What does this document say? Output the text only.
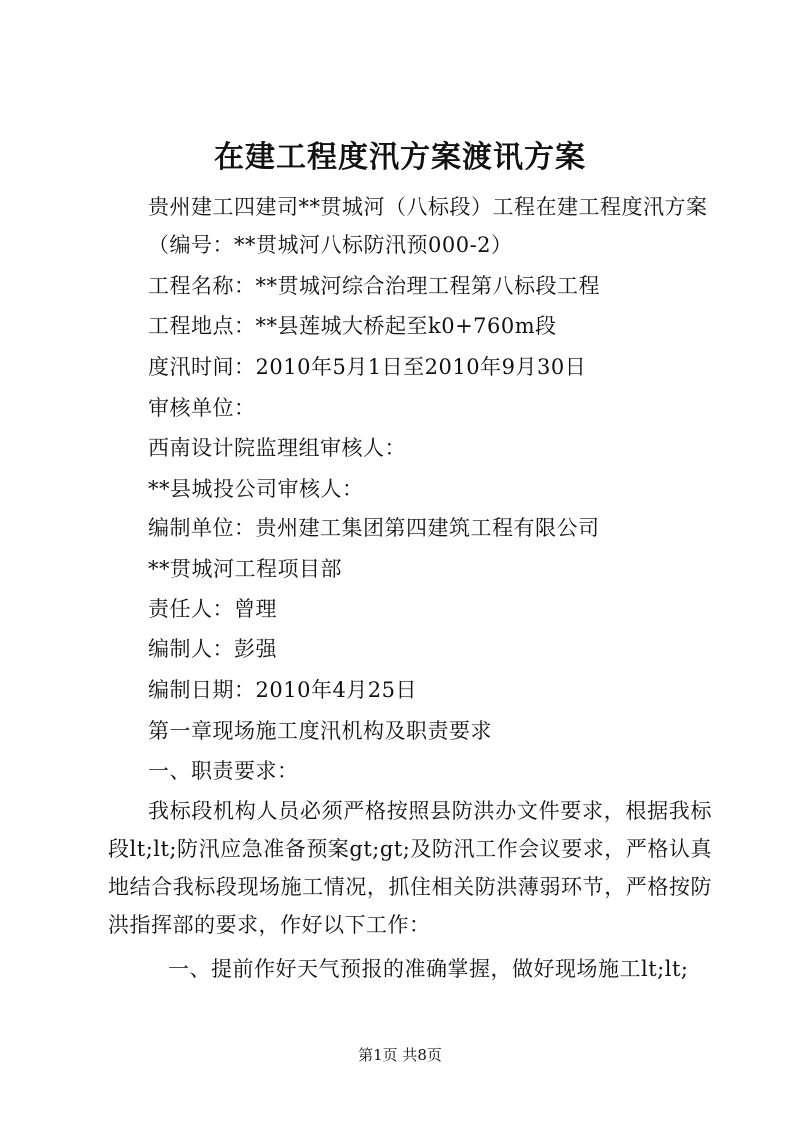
在建工程度汛方案渡讯方案
贵州建工四建司**贯城河（八标段）工程在建工程度汛方案
（编号：**贯城河八标防汛预000-2）
工程名称：**贯城河综合治理工程第八标段工程
工程地点：**县莲城大桥起至k0+760m段
度汛时间：2010年5月1日至2010年9月30日
审核单位：
西南设计院监理组审核人：
**县城投公司审核人：
编制单位：贵州建工集团第四建筑工程有限公司
**贯城河工程项目部
责任人：曾理
编制人：彭强
编制日期：2010年4月25日
第一章现场施工度汛机构及职责要求
一、职责要求：
我标段机构人员必须严格按照县防洪办文件要求，根据我标段lt;lt;防汛应急准备预案gt;gt;及防汛工作会议要求，严格认真地结合我标段现场施工情况，抓住相关防洪薄弱环节，严格按防洪指挥部的要求，作好以下工作：
一、提前作好天气预报的准确掌握，做好现场施工lt;lt;
第1页 共8页
